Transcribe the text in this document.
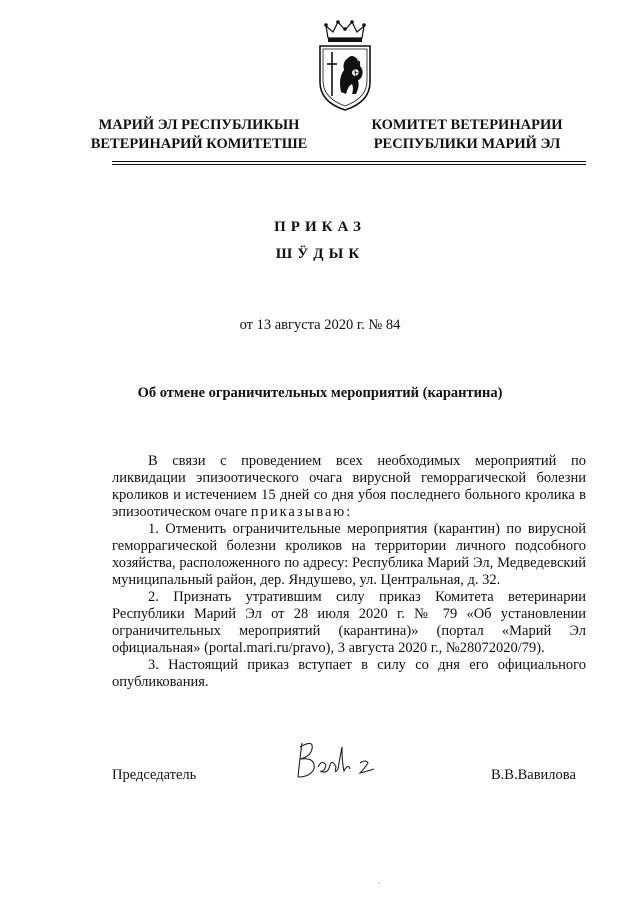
МАРИЙ ЭЛ РЕСПУБЛИКЫН
ВЕТЕРИНАРИЙ КОМИТЕТШЕ
КОМИТЕТ ВЕТЕРИНАРИИ
РЕСПУБЛИКИ МАРИЙ ЭЛ
ПРИКАЗ
ШӰДЫК
от 13 августа 2020 г. № 84
Об отмене ограничительных мероприятий (карантина)

В связи с проведением всех необходимых мероприятий по ликвидации эпизоотического очага вирусной геморрагической болезни кроликов и истечением 15 дней со дня убоя последнего больного кролика в эпизоотическом очаге приказываю:

1. Отменить ограничительные мероприятия (карантин) по вирусной геморрагической болезни кроликов на территории личного подсобного хозяйства, расположенного по адресу: Республика Марий Эл, Медведевский муниципальный район, дер. Яндушево, ул. Центральная, д. 32.

2. Признать утратившим силу приказ Комитета ветеринарии Республики Марий Эл от 28 июля 2020 г. № 79 «Об установлении ограничительных мероприятий (карантина)» (портал «Марий Эл официальная» (portal.mari.ru/pravo), 3 августа 2020 г., №28072020/79).

3. Настоящий приказ вступает в силу со дня его официального опубликования.

Председатель	В.В.Вавилова
